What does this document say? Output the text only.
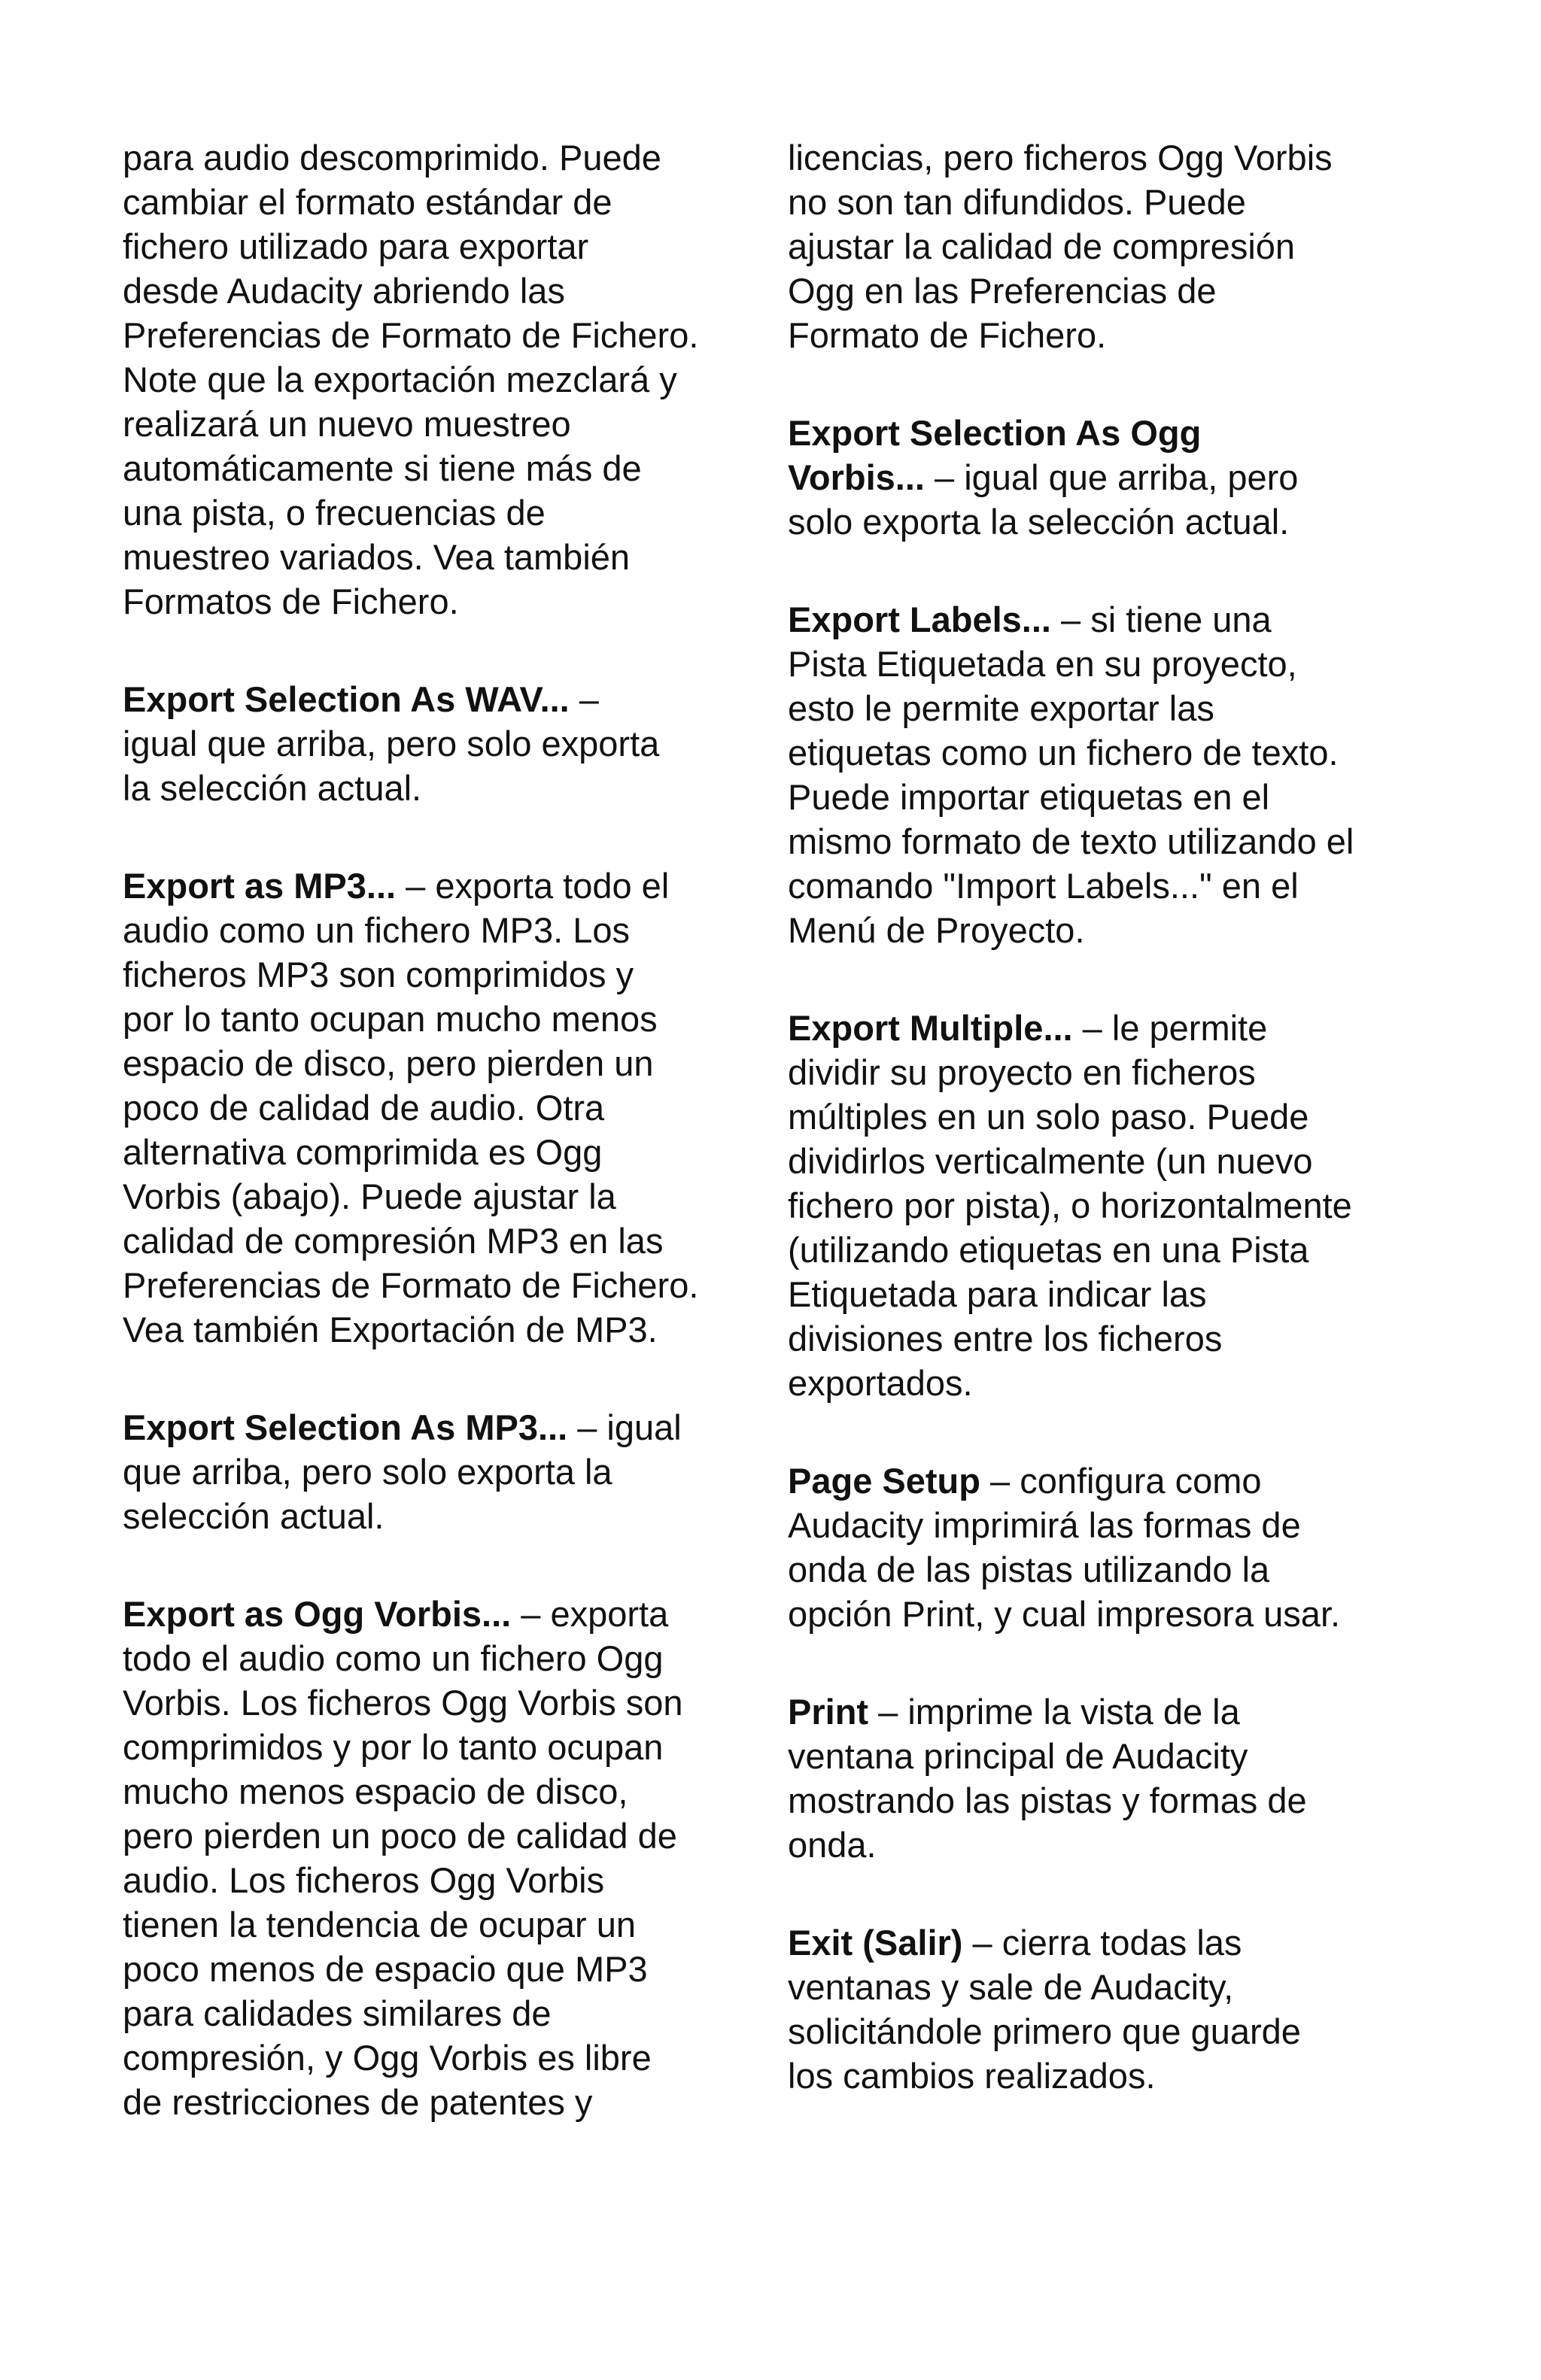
para audio descomprimido. Puede
cambiar el formato estándar de
fichero utilizado para exportar
desde Audacity abriendo las
Preferencias de Formato de Fichero.
Note que la exportación mezclará y
realizará un nuevo muestreo
automáticamente si tiene más de
una pista, o frecuencias de
muestreo variados. Vea también
Formatos de Fichero.
Export Selection As WAV... –
igual que arriba, pero solo exporta
la selección actual.
Export as MP3... – exporta todo el
audio como un fichero MP3. Los
ficheros MP3 son comprimidos y
por lo tanto ocupan mucho menos
espacio de disco, pero pierden un
poco de calidad de audio. Otra
alternativa comprimida es Ogg
Vorbis (abajo). Puede ajustar la
calidad de compresión MP3 en las
Preferencias de Formato de Fichero.
Vea también Exportación de MP3.
Export Selection As MP3... – igual
que arriba, pero solo exporta la
selección actual.
Export as Ogg Vorbis... – exporta
todo el audio como un fichero Ogg
Vorbis. Los ficheros Ogg Vorbis son
comprimidos y por lo tanto ocupan
mucho menos espacio de disco,
pero pierden un poco de calidad de
audio. Los ficheros Ogg Vorbis
tienen la tendencia de ocupar un
poco menos de espacio que MP3
para calidades similares de
compresión, y Ogg Vorbis es libre
de restricciones de patentes y
licencias, pero ficheros Ogg Vorbis
no son tan difundidos. Puede
ajustar la calidad de compresión
Ogg en las Preferencias de
Formato de Fichero.
Export Selection As Ogg
Vorbis... – igual que arriba, pero
solo exporta la selección actual.
Export Labels... – si tiene una
Pista Etiquetada en su proyecto,
esto le permite exportar las
etiquetas como un fichero de texto.
Puede importar etiquetas en el
mismo formato de texto utilizando el
comando "Import Labels..." en el
Menú de Proyecto.
Export Multiple... – le permite
dividir su proyecto en ficheros
múltiples en un solo paso. Puede
dividirlos verticalmente (un nuevo
fichero por pista), o horizontalmente
(utilizando etiquetas en una Pista
Etiquetada para indicar las
divisiones entre los ficheros
exportados.
Page Setup – configura como
Audacity imprimirá las formas de
onda de las pistas utilizando la
opción Print, y cual impresora usar.
Print – imprime la vista de la
ventana principal de Audacity
mostrando las pistas y formas de
onda.
Exit (Salir) – cierra todas las
ventanas y sale de Audacity,
solicitándole primero que guarde
los cambios realizados.
